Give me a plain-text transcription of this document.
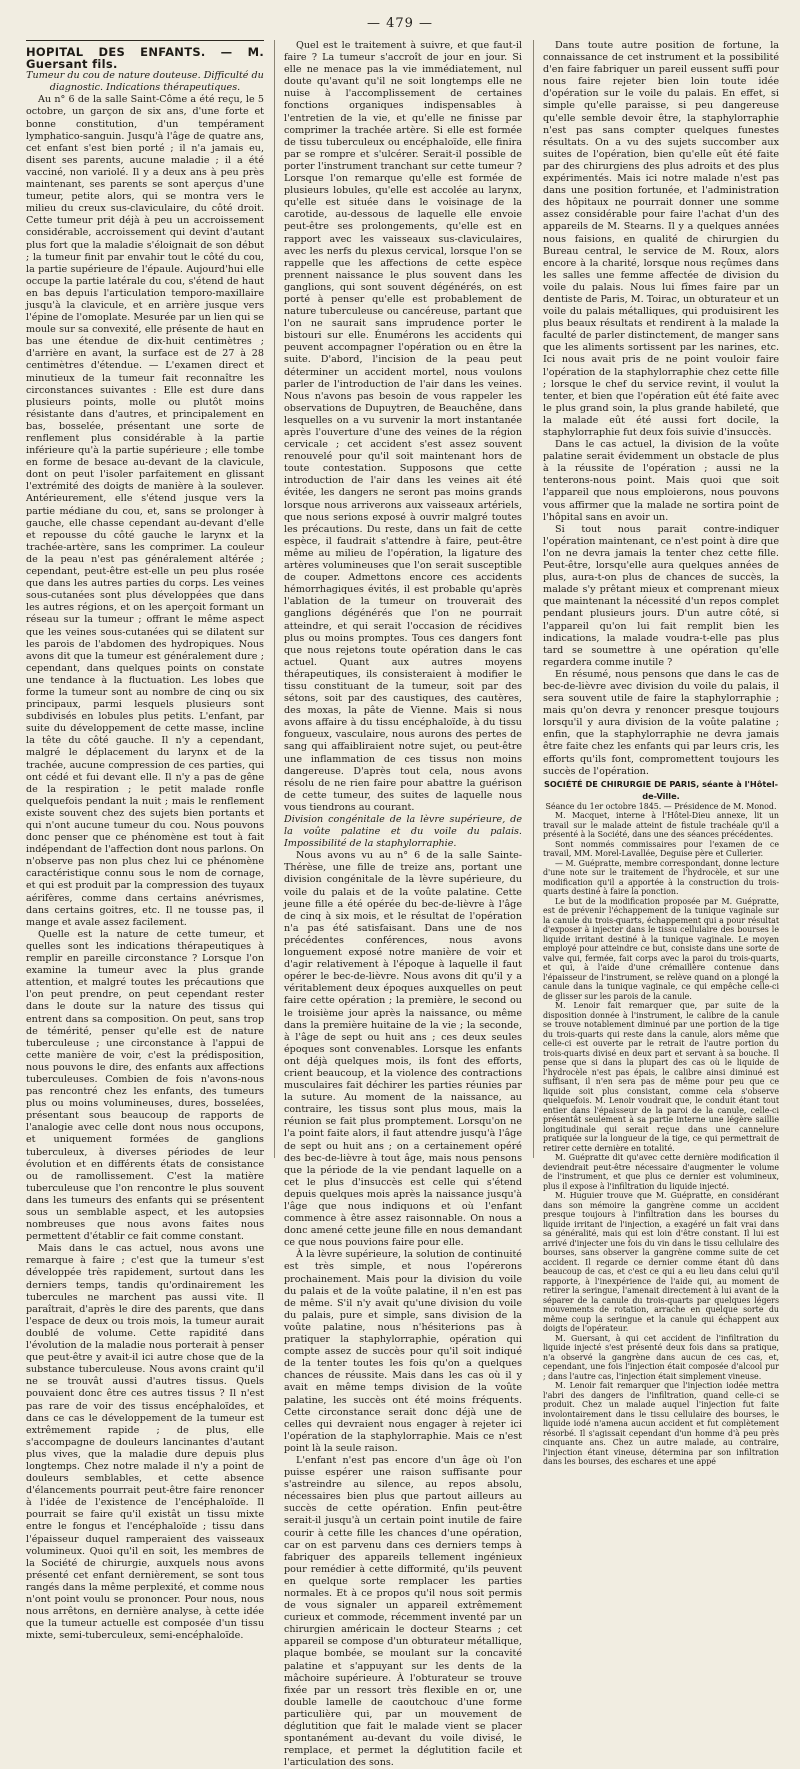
— 479 —

HOPITAL DES ENFANTS. — M. Guersant fils.

Tumeur du cou de nature douteuse. Difficulté du diagnostic. Indications thérapeutiques.

Au n° 6 de la salle Saint-Côme a été reçu, le 5 octobre, un garçon de six ans, d'une forte et bonne constitution, d'un tempérament lymphatico-sanguin. Jusqu'à l'âge de quatre ans, cet enfant s'est bien porté ; il n'a jamais eu, disent ses parents, aucune maladie ; il a été vacciné, non variolé. Il y a deux ans à peu près maintenant, ses parents se sont aperçus d'une tumeur, petite alors, qui se montra vers le milieu du creux sus-claviculaire, du côté droit. Cette tumeur prit déjà à peu un accroissement considérable, accroissement qui devint d'autant plus fort que la maladie s'éloignait de son début ; la tumeur finit par envahir tout le côté du cou, la partie supérieure de l'épaule. Aujourd'hui elle occupe la partie latérale du cou, s'étend de haut en bas depuis l'articulation temporo-maxillaire jusqu'à la clavicule, et en arrière jusque vers l'épine de l'omoplate. Mesurée par un lien qui se moule sur sa convexité, elle présente de haut en bas une étendue de dix-huit centimètres ; d'arrière en avant, la surface est de 27 à 28 centimètres d'étendue. — L'examen direct et minutieux de la tumeur fait reconnaître les circonstances suivantes : Elle est dure dans plusieurs points, molle ou plutôt moins résistante dans d'autres, et principalement en bas, bosselée, présentant une sorte de renflement plus considérable à la partie inférieure qu'à la partie supérieure ; elle tombe en forme de besace au-devant de la clavicule, dont on peut l'isoler parfaitement en glissant l'extrémité des doigts de manière à la soulever. Antérieurement, elle s'étend jusque vers la partie médiane du cou, et, sans se prolonger à gauche, elle chasse cependant au-devant d'elle et repousse du côté gauche le larynx et la trachée-artère, sans les comprimer. La couleur de la peau n'est pas généralement altérée ; cependant, peut-être est-elle un peu plus rosée que dans les autres parties du corps. Les veines sous-cutanées sont plus développées que dans les autres régions, et on les aperçoit formant un réseau sur la tumeur ; offrant le même aspect que les veines sous-cutanées qui se dilatent sur les parois de l'abdomen des hydropiques. Nous avons dit que la tumeur est généralement dure ; cependant, dans quelques points on constate une tendance à la fluctuation. Les lobes que forme la tumeur sont au nombre de cinq ou six principaux, parmi lesquels plusieurs sont subdivisés en lobules plus petits. L'enfant, par suite du développement de cette masse, incline la tête du côté gauche. Il n'y a cependant, malgré le déplacement du larynx et de la trachée, aucune compression de ces parties, qui ont cédé et fui devant elle. Il n'y a pas de gêne de la respiration ; le petit malade ronfle quelquefois pendant la nuit ; mais le renflement existe souvent chez des sujets bien portants et qui n'ont aucune tumeur du cou. Nous pouvons donc penser que ce phénomène est tout à fait indépendant de l'affection dont nous parlons. On n'observe pas non plus chez lui ce phénomène caractéristique connu sous le nom de cornage, et qui est produit par la compression des tuyaux aérifères, comme dans certains anévrismes, dans certains goitres, etc. Il ne tousse pas, il mange et avale assez facilement.

Quelle est la nature de cette tumeur, et quelles sont les indications thérapeutiques à remplir en pareille circonstance ? Lorsque l'on examine la tumeur avec la plus grande attention, et malgré toutes les précautions que l'on peut prendre, on peut cependant rester dans le doute sur la nature des tissus qui entrent dans sa composition. On peut, sans trop de témérité, penser qu'elle est de nature tuberculeuse ; une circonstance à l'appui de cette manière de voir, c'est la prédisposition, nous pouvons le dire, des enfants aux affections tuberculeuses. Combien de fois n'avons-nous pas rencontré chez les enfants, des tumeurs plus ou moins volumineuses, dures, bosselées, présentant sous beaucoup de rapports de l'analogie avec celle dont nous nous occupons, et uniquement formées de ganglions tuberculeux, à diverses périodes de leur évolution et en différents états de consistance ou de ramollissement. C'est la matière tuberculeuse que l'on rencontre le plus souvent dans les tumeurs des enfants qui se présentent sous un semblable aspect, et les autopsies nombreuses que nous avons faites nous permettent d'établir ce fait comme constant.

Mais dans le cas actuel, nous avons une remarque à faire ; c'est que la tumeur s'est développée très rapidement, surtout dans les derniers temps, tandis qu'ordinairement les tubercules ne marchent pas aussi vite. Il paraîtrait, d'après le dire des parents, que dans l'espace de deux ou trois mois, la tumeur aurait doublé de volume. Cette rapidité dans l'évolution de la maladie nous porterait à penser que peut-être y avait-il ici autre chose que de la substance tuberculeuse. Nous avons craint qu'il ne se trouvât aussi d'autres tissus. Quels pouvaient donc être ces autres tissus ? Il n'est pas rare de voir des tissus encéphaloïdes, et dans ce cas le développement de la tumeur est extrêmement rapide ; de plus, elle s'accompagne de douleurs lancinantes d'autant plus vives, que la maladie dure depuis plus longtemps. Chez notre malade il n'y a point de douleurs semblables, et cette absence d'élancements pourrait peut-être faire renoncer à l'idée de l'existence de l'encéphaloïde. Il pourrait se faire qu'il existât un tissu mixte entre le fongus et l'encéphaloïde ; tissu dans l'épaisseur duquel ramperaient des vaisseaux volumineux. Quoi qu'il en soit, les membres de la Société de chirurgie, auxquels nous avons présenté cet enfant dernièrement, se sont tous rangés dans la même perplexité, et comme nous n'ont point voulu se prononcer. Pour nous, nous nous arrêtons, en dernière analyse, à cette idée que la tumeur actuelle est composée d'un tissu mixte, semi-tuberculeux, semi-encéphaloïde.

Quel est le traitement à suivre, et que faut-il faire ? La tumeur s'accroît de jour en jour. Si elle ne menace pas la vie immédiatement, nul doute qu'avant qu'il ne soit longtemps elle ne nuise à l'accomplissement de certaines fonctions organiques indispensables à l'entretien de la vie, et qu'elle ne finisse par comprimer la trachée artère. Si elle est formée de tissu tuberculeux ou encéphaloïde, elle finira par se rompre et s'ulcérer. Serait-il possible de porter l'instrument tranchant sur cette tumeur ? Lorsque l'on remarque qu'elle est formée de plusieurs lobules, qu'elle est accolée au larynx, qu'elle est située dans le voisinage de la carotide, au-dessous de laquelle elle envoie peut-être ses prolongements, qu'elle est en rapport avec les vaisseaux sus-claviculaires, avec les nerfs du plexus cervical, lorsque l'on se rappelle que les affections de cette espèce prennent naissance le plus souvent dans les ganglions, qui sont souvent dégénérés, on est porté à penser qu'elle est probablement de nature tuberculeuse ou cancéreuse, partant que l'on ne saurait sans imprudence porter le bistouri sur elle. Énumérons les accidents qui peuvent accompagner l'opération ou en être la suite. D'abord, l'incision de la peau peut déterminer un accident mortel, nous voulons parler de l'introduction de l'air dans les veines. Nous n'avons pas besoin de vous rappeler les observations de Dupuytren, de Beauchêne, dans lesquelles on a vu survenir la mort instantanée après l'ouverture d'une des veines de la région cervicale ; cet accident s'est assez souvent renouvelé pour qu'il soit maintenant hors de toute contestation. Supposons que cette introduction de l'air dans les veines ait été évitée, les dangers ne seront pas moins grands lorsque nous arriverons aux vaisseaux artériels, que nous serions exposé à ouvrir malgré toutes les précautions. Du reste, dans un fait de cette espèce, il faudrait s'attendre à faire, peut-être même au milieu de l'opération, la ligature des artères volumineuses que l'on serait susceptible de couper. Admettons encore ces accidents hémorrhagiques évités, il est probable qu'après l'ablation de la tumeur on trouverait des ganglions dégénérés que l'on ne pourrait atteindre, et qui serait l'occasion de récidives plus ou moins promptes. Tous ces dangers font que nous rejetons toute opération dans le cas actuel. Quant aux autres moyens thérapeutiques, ils consisteraient à modifier le tissu constituant de la tumeur, soit par des sétons, soit par des caustiques, des cautères, des moxas, la pâte de Vienne. Mais si nous avons affaire à du tissu encéphaloïde, à du tissu fongueux, vasculaire, nous aurons des pertes de sang qui affaibliraient notre sujet, ou peut-être une inflammation de ces tissus non moins dangereuse. D'après tout cela, nous avons résolu de ne rien faire pour abattre la guérison de cette tumeur, des suites de laquelle nous vous tiendrons au courant.

Division congénitale de la lèvre supérieure, de la voûte palatine et du voile du palais. Impossibilité de la staphylorraphie.

Nous avons vu au n° 6 de la salle Sainte-Thérèse, une fille de treize ans, portant une division congénitale de la lèvre supérieure, du voile du palais et de la voûte palatine. Cette jeune fille a été opérée du bec-de-lièvre à l'âge de cinq à six mois, et le résultat de l'opération n'a pas été satisfaisant. Dans une de nos précédentes conférences, nous avons longuement exposé notre manière de voir et d'agir relativement à l'époque à laquelle il faut opérer le bec-de-lièvre. Nous avons dit qu'il y a véritablement deux époques auxquelles on peut faire cette opération ; la première, le second ou le troisième jour après la naissance, ou même dans la première huitaine de la vie ; la seconde, à l'âge de sept ou huit ans ; ces deux seules époques sont convenables. Lorsque les enfants ont déjà quelques mois, ils font des efforts, crient beaucoup, et la violence des contractions musculaires fait déchirer les parties réunies par la suture. Au moment de la naissance, au contraire, les tissus sont plus mous, mais la réunion se fait plus promptement. Lorsqu'on ne l'a point faite alors, il faut attendre jusqu'à l'âge de sept ou huit ans ; on a certainement opéré des bec-de-lièvre à tout âge, mais nous pensons que la période de la vie pendant laquelle on a cet le plus d'insuccès est celle qui s'étend depuis quelques mois après la naissance jusqu'à l'âge que nous indiquons et où l'enfant commence à être assez raisonnable. On nous a donc amené cette jeune fille en nous demandant ce que nous pouvions faire pour elle.

À la lèvre supérieure, la solution de continuité est très simple, et nous l'opérerons prochainement. Mais pour la division du voile du palais et de la voûte palatine, il n'en est pas de même. S'il n'y avait qu'une division du voile du palais, pure et simple, sans division de la voûte palatine, nous n'hésiterions pas à pratiquer la staphylorraphie, opération qui compte assez de succès pour qu'il soit indiqué de la tenter toutes les fois qu'on a quelques chances de réussite. Mais dans les cas où il y avait en même temps division de la voûte palatine, les succès ont été moins fréquents. Cette circonstance serait donc déjà une de celles qui devraient nous engager à rejeter ici l'opération de la staphylorraphie. Mais ce n'est point là la seule raison.

L'enfant n'est pas encore d'un âge où l'on puisse espérer une raison suffisante pour s'astreindre au silence, au repos absolu, nécessaires bien plus que partout ailleurs au succès de cette opération. Enfin peut-être serait-il jusqu'à un certain point inutile de faire courir à cette fille les chances d'une opération, car on est parvenu dans ces derniers temps à fabriquer des appareils tellement ingénieux pour remédier à cette difformité, qu'ils peuvent en quelque sorte remplacer les parties normales. Et à ce propos qu'il nous soit permis de vous signaler un appareil extrêmement curieux et commode, récemment inventé par un chirurgien américain le docteur Stearns ; cet appareil se compose d'un obturateur métallique, plaque bombée, se moulant sur la concavité palatine et s'appuyant sur les dents de la mâchoire supérieure. À l'obturateur se trouve fixée par un ressort très flexible en or, une double lamelle de caoutchouc d'une forme particulière qui, par un mouvement de déglutition que fait le malade vient se placer spontanément au-devant du voile divisé, le remplace, et permet la déglutition facile et l'articulation des sons.

Dans toute autre position de fortune, la connaissance de cet instrument et la possibilité d'en faire fabriquer un pareil eussent suffi pour nous faire rejeter bien loin toute idée d'opération sur le voile du palais. En effet, si simple qu'elle paraisse, si peu dangereuse qu'elle semble devoir être, la staphylorraphie n'est pas sans compter quelques funestes résultats. On a vu des sujets succomber aux suites de l'opération, bien qu'elle eût été faite par des chirurgiens des plus adroits et des plus expérimentés. Mais ici notre malade n'est pas dans une position fortunée, et l'administration des hôpitaux ne pourrait donner une somme assez considérable pour faire l'achat d'un des appareils de M. Stearns. Il y a quelques années nous faisions, en qualité de chirurgien du Bureau central, le service de M. Roux, alors encore à la charité, lorsque nous reçûmes dans les salles une femme affectée de division du voile du palais. Nous lui fîmes faire par un dentiste de Paris, M. Toirac, un obturateur et un voile du palais métalliques, qui produisirent les plus beaux résultats et rendirent à la malade la faculté de parler distinctement, de manger sans que les aliments sortissent par les narines, etc. Ici nous avait pris de ne point vouloir faire l'opération de la staphylorraphie chez cette fille ; lorsque le chef du service revint, il voulut la tenter, et bien que l'opération eût été faite avec le plus grand soin, la plus grande habileté, que la malade eût été aussi fort docile, la staphylorraphie fut deux fois suivie d'insuccès.

Dans le cas actuel, la division de la voûte palatine serait évidemment un obstacle de plus à la réussite de l'opération ; aussi ne la tenterons-nous point. Mais quoi que soit l'appareil que nous emploierons, nous pouvons vous affirmer que la malade ne sortira point de l'hôpital sans en avoir un.

Si tout nous parait contre-indiquer l'opération maintenant, ce n'est point à dire que l'on ne devra jamais la tenter chez cette fille. Peut-être, lorsqu'elle aura quelques années de plus, aura-t-on plus de chances de succès, la malade s'y prêtant mieux et comprenant mieux que maintenant la nécessité d'un repos complet pendant plusieurs jours. D'un autre côté, si l'appareil qu'on lui fait remplit bien les indications, la malade voudra-t-elle pas plus tard se soumettre à une opération qu'elle regardera comme inutile ?

En résumé, nous pensons que dans le cas de bec-de-lièvre avec division du voile du palais, il sera souvent utile de faire la staphylorraphie ; mais qu'on devra y renoncer presque toujours lorsqu'il y aura division de la voûte palatine ; enfin, que la staphylorraphie ne devra jamais être faite chez les enfants qui par leurs cris, les efforts qu'ils font, compromettent toujours les succès de l'opération.

SOCIÉTÉ DE CHIRURGIE DE PARIS, séante à l'Hôtel-de-Ville.

Séance du 1er octobre 1845. — Présidence de M. Monod.

M. Macquet, interne à l'Hôtel-Dieu annexe, lit un travail sur le malade atteint de fistule trachéale qu'il a présenté à la Société, dans une des séances précédentes.

Sont nommés commissaires pour l'examen de ce travail, MM. Morel-Lavallée, Deguise père et Cullerier.

— M. Guépratte, membre correspondant, donne lecture d'une note sur le traitement de l'hydrocèle, et sur une modification qu'il a apportée à la construction du trois-quarts destiné à faire la ponction.

Le but de la modification proposée par M. Guépratte, est de prévenir l'échappement de la tunique vaginale sur la canule du trois-quarts, échappement qui a pour résultat d'exposer à injecter dans le tissu cellulaire des bourses le liquide irritant destiné à la tunique vaginale. Le moyen employé pour atteindre ce but, consiste dans une sorte de valve qui, fermée, fait corps avec la paroi du trois-quarts, et qui, à l'aide d'une crémaillère contenue dans l'épaisseur de l'instrument, se relève quand on a plongé la canule dans la tunique vaginale, ce qui empêche celle-ci de glisser sur les parois de la canule.

M. Lenoir fait remarquer que, par suite de la disposition donnée à l'instrument, le calibre de la canule se trouve notablement diminué par une portion de la tige du trois-quarts qui reste dans la canule, alors même que celle-ci est ouverte par le retrait de l'autre portion du trois-quarts divisé en deux part et servant à sa bouche. Il pense que si dans la plupart des cas où le liquide de l'hydrocèle n'est pas épais, le calibre ainsi diminué est suffisant, il n'en sera pas de même pour peu que ce liquide soit plus consistant, comme cela s'observe quelquefois. M. Lenoir voudrait que, le conduit étant tout entier dans l'épaisseur de la paroi de la canule, celle-ci présentât seulement à sa partie interne une légère saillie longitudinale qui serait reçue dans une cannelure pratiquée sur la longueur de la tige, ce qui permettrait de retirer cette dernière en totalité.

M. Guépratte dit qu'avec cette dernière modification il deviendrait peut-être nécessaire d'augmenter le volume de l'instrument, et que plus ce dernier est volumineux, plus il expose à l'infiltration du liquide injecté.

M. Huguier trouve que M. Guépratte, en considérant dans son mémoire la gangrène comme un accident presque toujours à l'infiltration dans les bourses du liquide irritant de l'injection, a exagéré un fait vrai dans sa généralité, mais qui est loin d'être constant. Il lui est arrivé d'injecter une fois du vin dans le tissu cellulaire des bourses, sans observer la gangrène comme suite de cet accident. Il regarde ce dernier comme étant dû dans beaucoup de cas, et c'est ce qui a eu lieu dans celui qu'il rapporte, à l'inexpérience de l'aide qui, au moment de retirer la seringue, l'amenait directement à lui avant de la séparer de la canule du trois-quarts par quelques légers mouvements de rotation, arrache en quelque sorte du même coup la seringue et la canule qui échappent aux doigts de l'opérateur.

M. Guersant, à qui cet accident de l'infiltration du liquide injecté s'est présenté deux fois dans sa pratique, n'a observé la gangrène dans aucun de ces cas, et, cependant, une fois l'injection était composée d'alcool pur ; dans l'autre cas, l'injection était simplement vineuse.

M. Lenoir fait remarquer que l'injection iodée mettra l'abri des dangers de l'infiltration, quand celle-ci se produit. Chez un malade auquel l'injection fut faite involontairement dans le tissu cellulaire des bourses, le liquide iodé n'amena aucun accident et fut complètement résorbé. Il s'agissait cependant d'un homme d'à peu près cinquante ans. Chez un autre malade, au contraire, l'injection étant vineuse, détermina par son infiltration dans les bourses, des eschares et une appé
